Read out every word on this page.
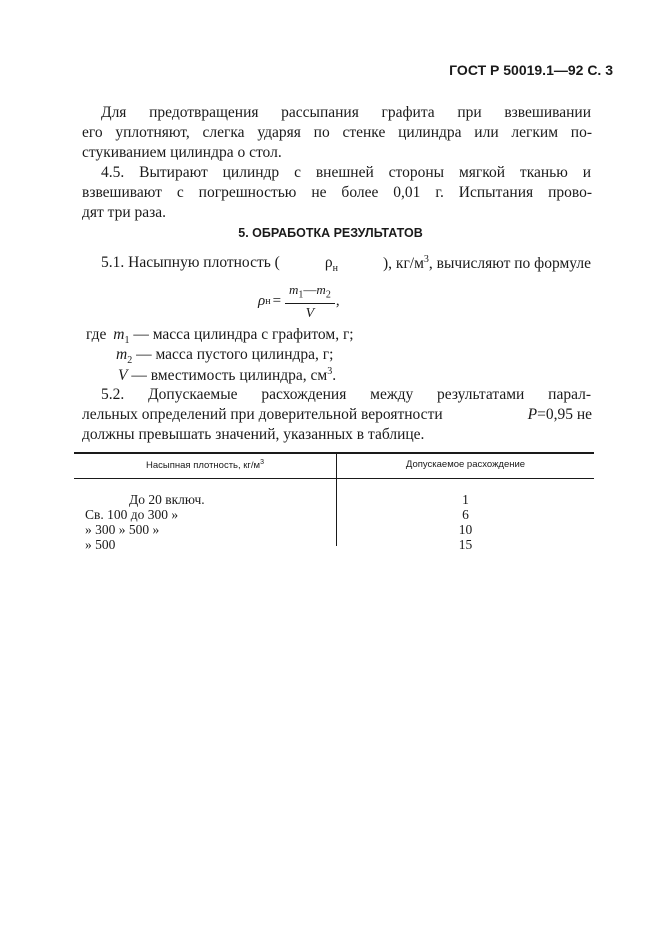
ГОСТ Р 50019.1—92 С. 3
Для предотвращения рассыпания графита при взвешивании
его уплотняют, слегка ударяя по стенке цилиндра или легким по-
стукиванием цилиндра о стол.
4.5. Вытирают цилиндр с внешней стороны мягкой тканью и
взвешивают с погрешностью не более 0,01 г. Испытания прово-
дят три раза.
5. ОБРАБОТКА РЕЗУЛЬТАТОВ
5.1. Насыпную плотность (	$\rho_н$	), $кг/м^3$, вычисляют по формуле
ρ $н = \frac{m_1—m_2}{V}$ ,
где $m_1$ — масса цилиндра с графитом, г;
$m_2$ — масса пустого цилиндра, г;
V — вместимость цилиндра, $см^3$.
5.2. Допускаемые расхождения между результатами парал-
лельных определений при доверительной вероятности	P=0,95 не
должны превышать значений, указанных в таблице.
Насыпная плотность, $кг/м^3$	Допускаемое расхождение
До 20 включ.	1
Св. 100 до 300 »	6
» 300 » 500 »	10
» 500	15
